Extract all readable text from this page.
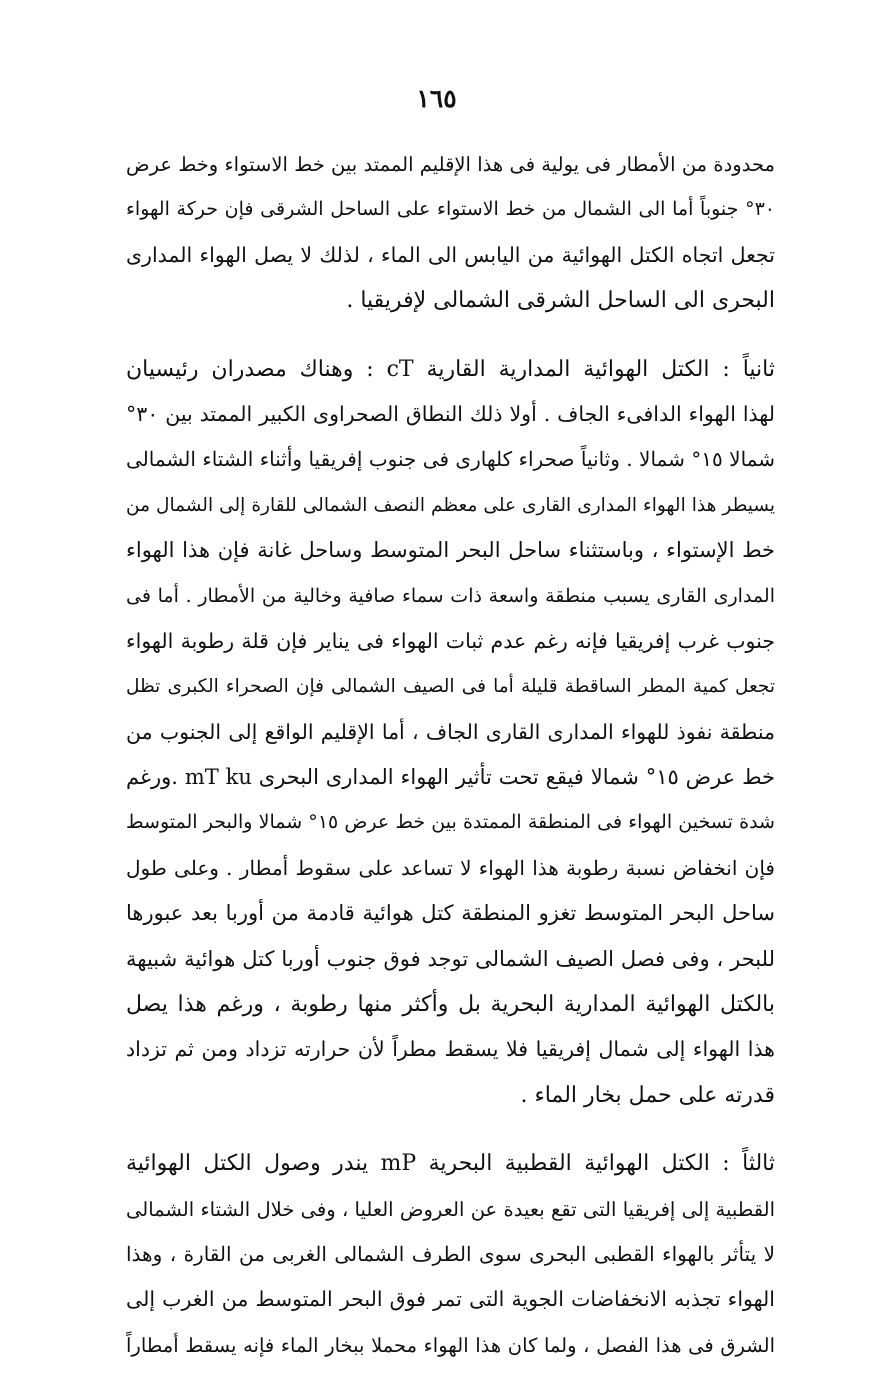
١٦٥
محدودة من الأمطار فى يولية فى هذا الإقليم الممتد بين خط الاستواء وخط عرض
٣٠° جنوباً أما الى الشمال من خط الاستواء على الساحل الشرقى فإن حركة الهواء
تجعل اتجاه الكتل الهوائية من اليابس الى الماء ، لذلك لا يصل الهواء المدارى
البحرى الى الساحل الشرقى الشمالى لإفريقيا .
ثانياً : الكتل الهوائية المدارية القارية cT : وهناك مصدران رئيسيان
لهذا الهواء الدافىء الجاف . أولا ذلك النطاق الصحراوى الكبير الممتد بين ٣٠°
شمالا ١٥° شمالا . وثانياً صحراء كلهارى فى جنوب إفريقيا وأثناء الشتاء الشمالى
يسيطر هذا الهواء المدارى القارى على معظم النصف الشمالى للقارة إلى الشمال من
خط الإستواء ، وباستثناء ساحل البحر المتوسط وساحل غانة فإن هذا الهواء
المدارى القارى يسبب منطقة واسعة ذات سماء صافية وخالية من الأمطار . أما فى
جنوب غرب إفريقيا فإنه رغم عدم ثبات الهواء فى يناير فإن قلة رطوبة الهواء
تجعل كمية المطر الساقطة قليلة أما فى الصيف الشمالى فإن الصحراء الكبرى تظل
منطقة نفوذ للهواء المدارى القارى الجاف ، أما الإقليم الواقع إلى الجنوب من
خط عرض ١٥° شمالا فيقع تحت تأثير الهواء المدارى البحرى mT ku .ورغم
شدة تسخين الهواء فى المنطقة الممتدة بين خط عرض ١٥° شمالا والبحر المتوسط
فإن انخفاض نسبة رطوبة هذا الهواء لا تساعد على سقوط أمطار . وعلى طول
ساحل البحر المتوسط تغزو المنطقة كتل هوائية قادمة من أوربا بعد عبورها
للبحر ، وفى فصل الصيف الشمالى توجد فوق جنوب أوربا كتل هوائية شبيهة
بالكتل الهوائية المدارية البحرية بل وأكثر منها رطوبة ، ورغم هذا يصل
هذا الهواء إلى شمال إفريقيا فلا يسقط مطراً لأن حرارته تزداد ومن ثم تزداد
قدرته على حمل بخار الماء .
ثالثاً : الكتل الهوائية القطبية البحرية mP يندر وصول الكتل الهوائية
القطبية إلى إفريقيا التى تقع بعيدة عن العروض العليا ، وفى خلال الشتاء الشمالى
لا يتأثر بالهواء القطبى البحرى سوى الطرف الشمالى الغربى من القارة ، وهذا
الهواء تجذبه الانخفاضات الجوية التى تمر فوق البحر المتوسط من الغرب إلى
الشرق فى هذا الفصل ، ولما كان هذا الهواء محملا ببخار الماء فإنه يسقط أمطاراً
